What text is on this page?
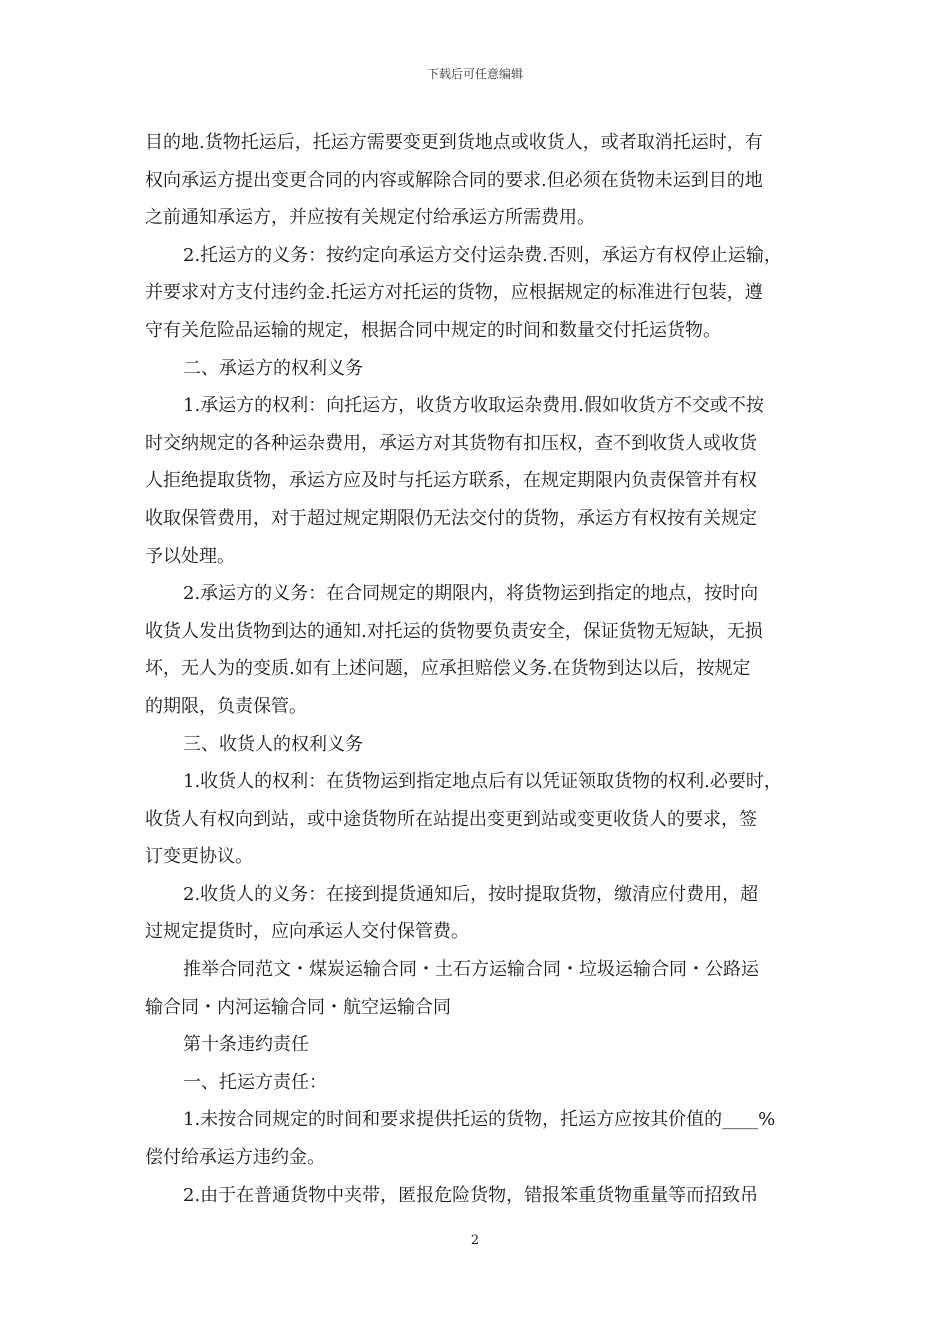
下载后可任意编辑
目的地.货物托运后，托运方需要变更到货地点或收货人，或者取消托运时，有
权向承运方提出变更合同的内容或解除合同的要求.但必须在货物未运到目的地
之前通知承运方，并应按有关规定付给承运方所需费用。
2.托运方的义务：按约定向承运方交付运杂费.否则，承运方有权停止运输，
并要求对方支付违约金.托运方对托运的货物，应根据规定的标准进行包装，遵
守有关危险品运输的规定，根据合同中规定的时间和数量交付托运货物。
二、承运方的权利义务
1.承运方的权利：向托运方，收货方收取运杂费用.假如收货方不交或不按
时交纳规定的各种运杂费用，承运方对其货物有扣压权，查不到收货人或收货
人拒绝提取货物，承运方应及时与托运方联系，在规定期限内负责保管并有权
收取保管费用，对于超过规定期限仍无法交付的货物，承运方有权按有关规定
予以处理。
2.承运方的义务：在合同规定的期限内，将货物运到指定的地点，按时向
收货人发出货物到达的通知.对托运的货物要负责安全，保证货物无短缺，无损
坏，无人为的变质.如有上述问题，应承担赔偿义务.在货物到达以后，按规定
的期限，负责保管。
三、收货人的权利义务
1.收货人的权利：在货物运到指定地点后有以凭证领取货物的权利.必要时，
收货人有权向到站，或中途货物所在站提出变更到站或变更收货人的要求，签
订变更协议。
2.收货人的义务：在接到提货通知后，按时提取货物，缴清应付费用，超
过规定提货时，应向承运人交付保管费。
推举合同范文・煤炭运输合同・土石方运输合同・垃圾运输合同・公路运
输合同・内河运输合同・航空运输合同
第十条违约责任
一、托运方责任：
1.未按合同规定的时间和要求提供托运的货物，托运方应按其价值的____%
偿付给承运方违约金。
2.由于在普通货物中夹带，匿报危险货物，错报笨重货物重量等而招致吊
2
